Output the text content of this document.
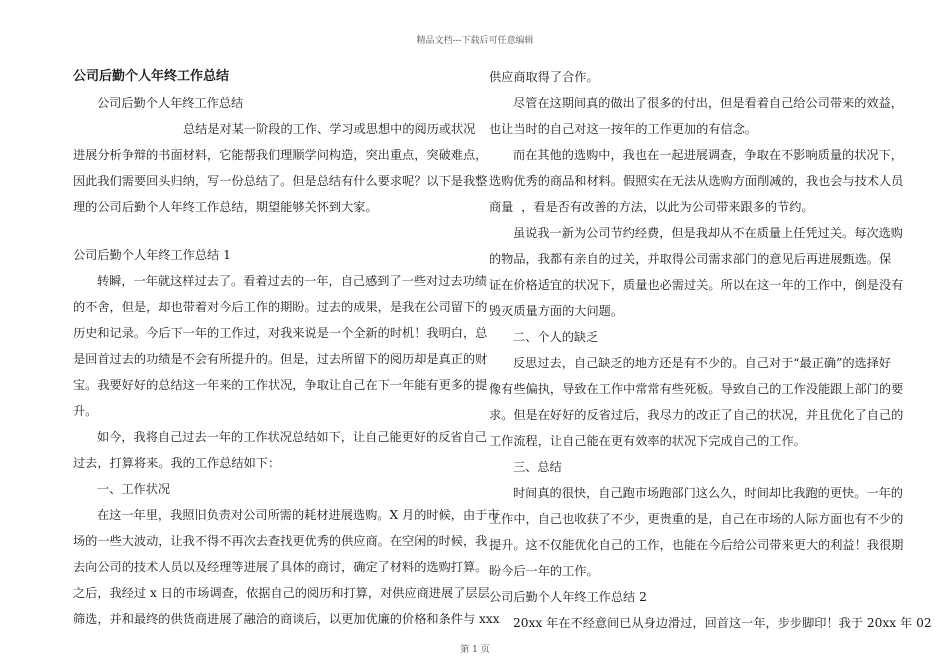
精品文档---下载后可任意编辑
公司后勤个人年终工作总结
公司后勤个人年终工作总结
总结是对某一阶段的工作、学习或思想中的阅历或状况
进展分析争辩的书面材料，它能帮我们理顺学问构造，突出重点，突破难点，
因此我们需要回头归纳，写一份总结了。但是总结有什么要求呢？以下是我整
理的公司后勤个人年终工作总结，期望能够关怀到大家。
公司后勤个人年终工作总结 1
转瞬，一年就这样过去了。看着过去的一年，自己感到了一些对过去功绩
的不舍，但是，却也带着对今后工作的期盼。过去的成果，是我在公司留下的
历史和记录。今后下一年的工作过，对我来说是一个全新的时机！我明白，总
是回首过去的功绩是不会有所提升的。但是，过去所留下的阅历却是真正的财
宝。我要好好的总结这一年来的工作状况，争取让自己在下一年能有更多的提
升。
如今，我将自己过去一年的工作状况总结如下，让自己能更好的反省自己
过去，打算将来。我的工作总结如下：
一、工作状况
在这一年里，我照旧负责对公司所需的耗材进展选购。X 月的时候，由于市
场的一些大波动，让我不得不再次去查找更优秀的供应商。在空闲的时候，我
去向公司的技术人员以及经理等进展了具体的商讨，确定了材料的选购打算。
之后，我经过 x 日的市场调查，依据自己的阅历和打算，对供应商进展了层层
筛选，并和最终的供货商进展了融洽的商谈后，以更加优廉的价格和条件与 xxx
供应商取得了合作。
尽管在这期间真的做出了很多的付出，但是看着自己给公司带来的效益，
也让当时的自己对这一按年的工作更加的有信念。
而在其他的选购中，我也在一起进展调查，争取在不影响质量的状况下，
选购优秀的商品和材料。假照实在无法从选购方面削减的，我也会与技术人员
商量  ，看是否有改善的方法，以此为公司带来跟多的节约。
虽说我一新为公司节约经费，但是我却从不在质量上任凭过关。每次选购
的物品，我都有亲自的过关，并取得公司需求部门的意见后再进展甄选。保
证在价格适宜的状况下，质量也必需过关。所以在这一年的工作中，倒是没有
毁灭质量方面的大问题。
二、个人的缺乏
反思过去，自己缺乏的地方还是有不少的。自己对于“最正确”的选择好
像有些偏执，导致在工作中常常有些死板。导致自己的工作没能跟上部门的要
求。但是在好好的反省过后，我尽力的改正了自己的状况，并且优化了自己的
工作流程，让自己能在更有效率的状况下完成自己的工作。
三、总结
时间真的很快，自己跑市场跑部门这么久，时间却比我跑的更快。一年的
工作中，自己也收获了不少，更贵重的是，自己在市场的人际方面也有不少的
提升。这不仅能优化自己的工作，也能在今后给公司带来更大的利益！我很期
盼今后一年的工作。
公司后勤个人年终工作总结 2
20xx 年在不经意间已从身边滑过，回首这一年，步步脚印！我于 20xx 年 02
第 1 页
